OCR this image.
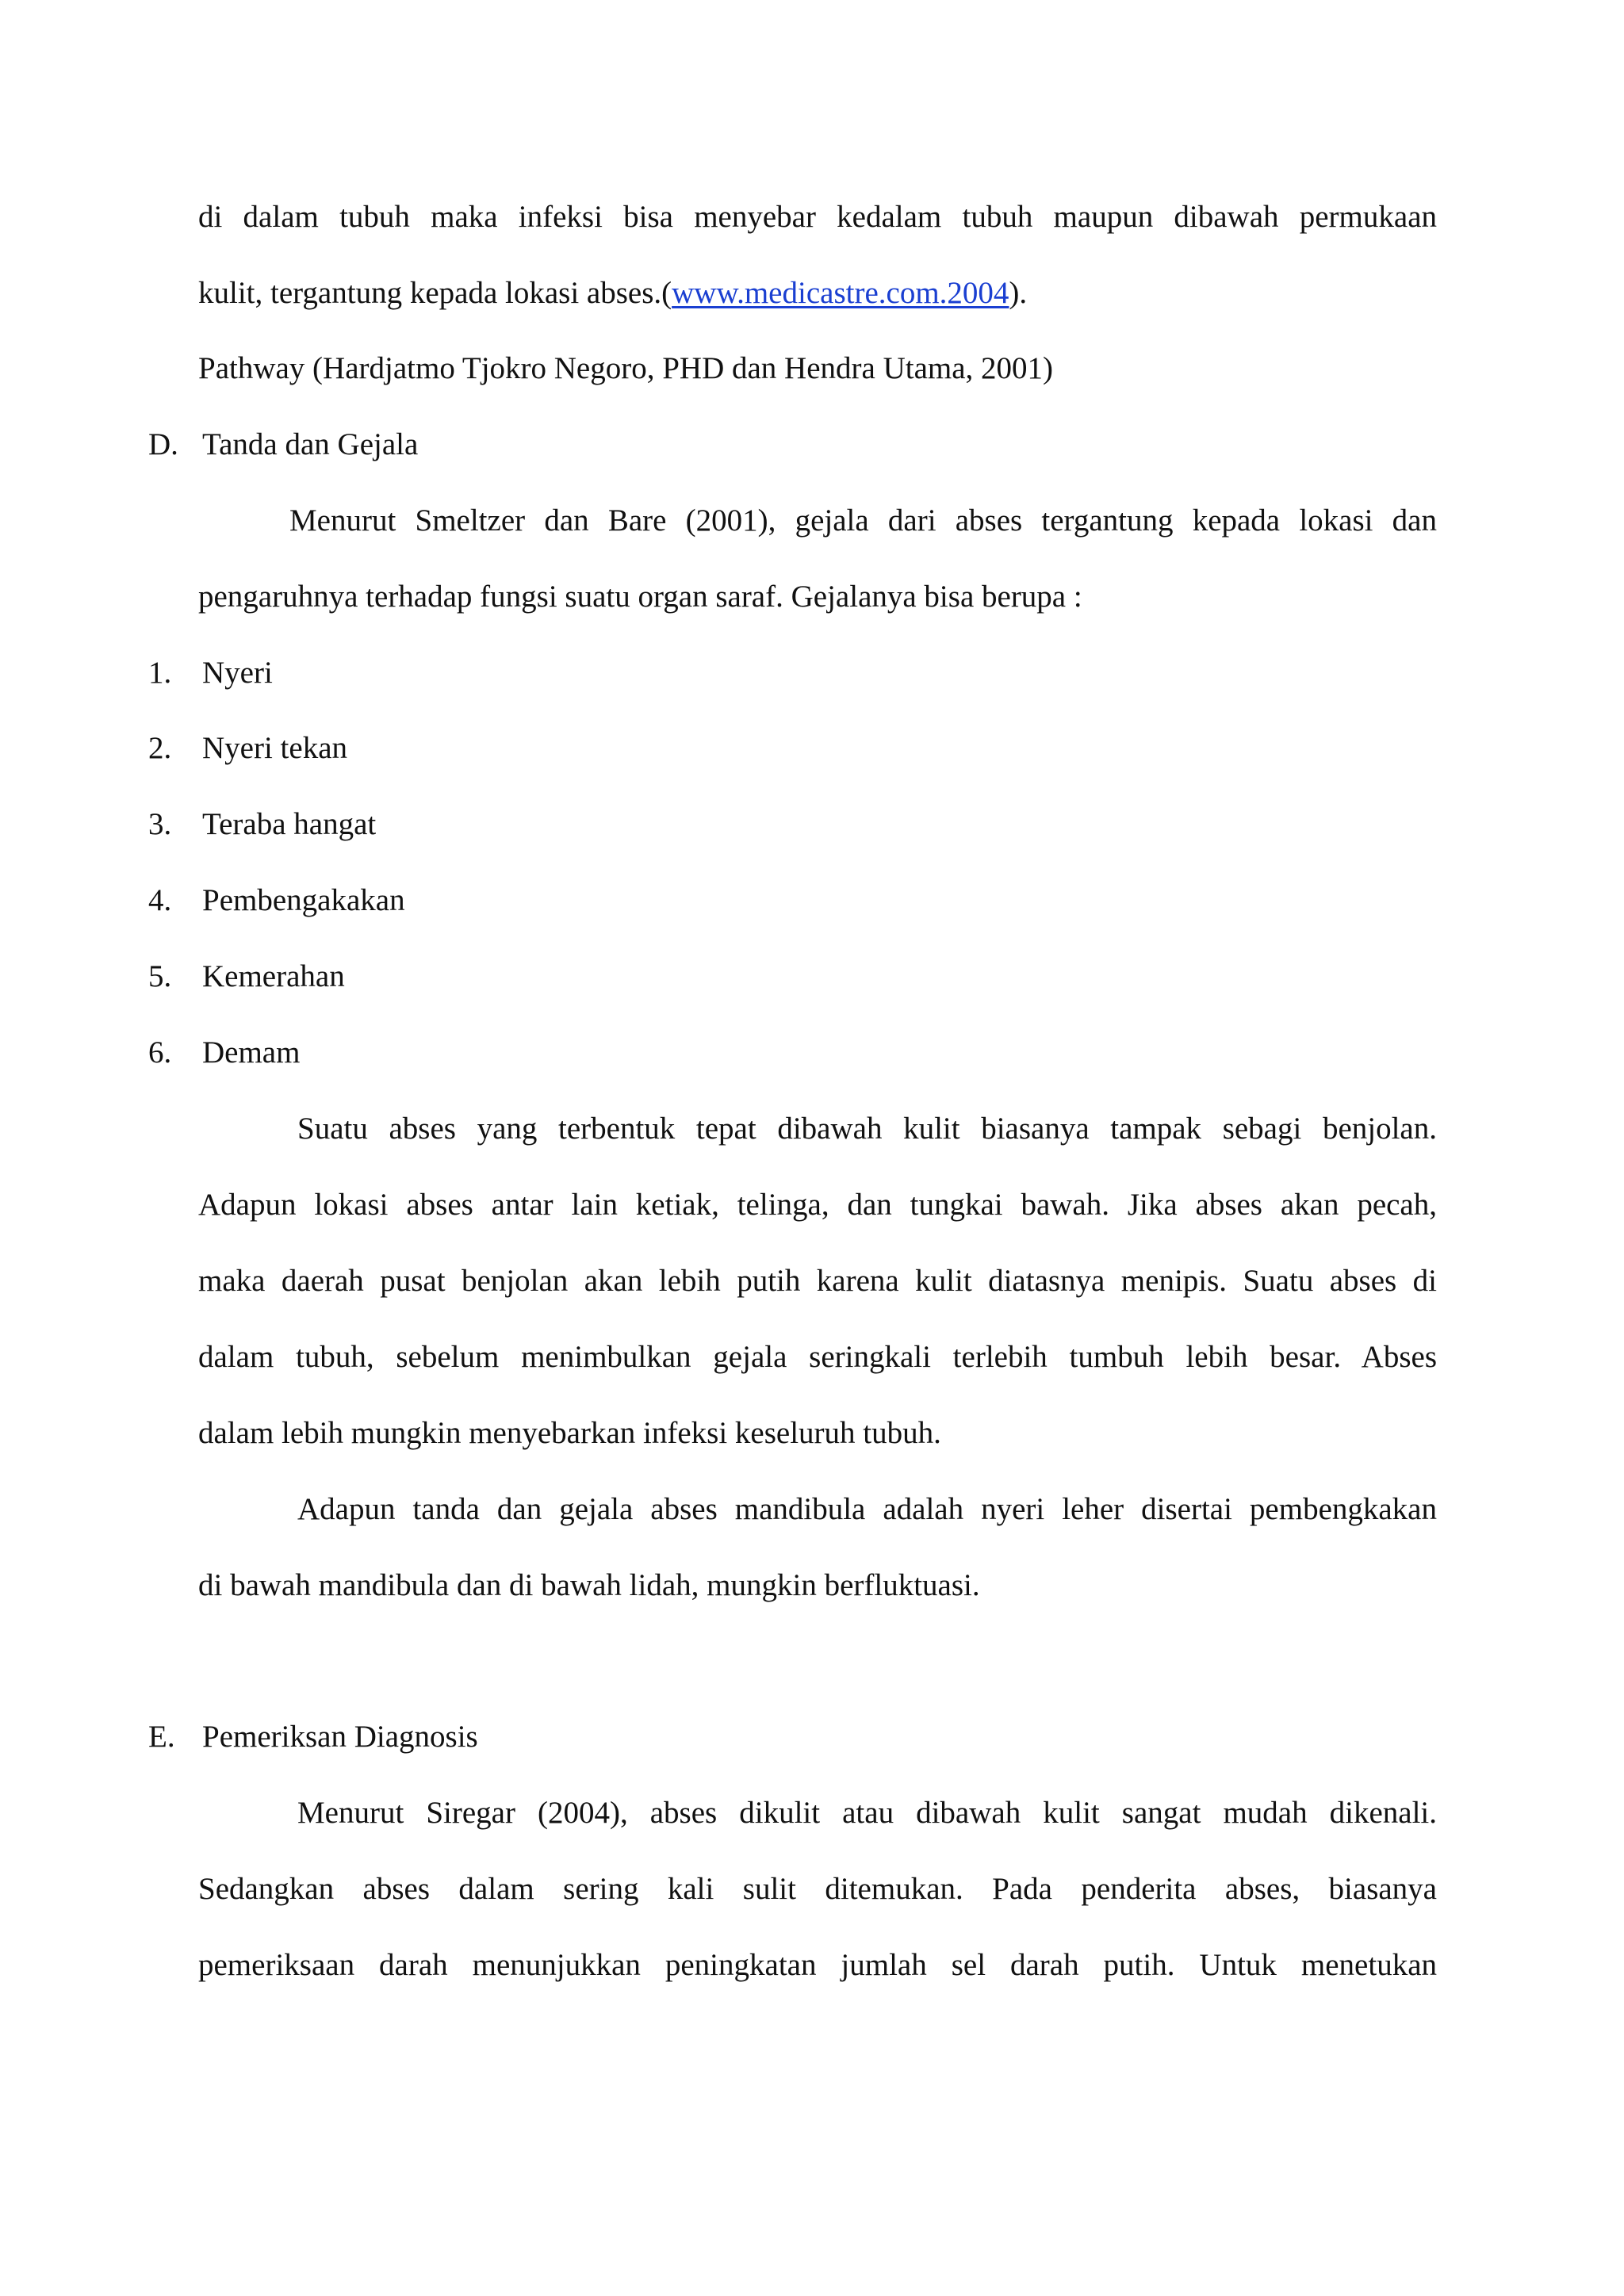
di dalam tubuh maka infeksi bisa menyebar kedalam tubuh maupun dibawah permukaan
kulit, tergantung kepada lokasi abses.(www.medicastre.com.2004).
Pathway (Hardjatmo Tjokro Negoro, PHD dan Hendra Utama, 2001)
D. Tanda dan Gejala
Menurut Smeltzer dan Bare (2001), gejala dari abses tergantung kepada lokasi dan
pengaruhnya terhadap fungsi suatu organ saraf. Gejalanya bisa berupa :
1. Nyeri
2. Nyeri tekan
3. Teraba hangat
4. Pembengakakan
5. Kemerahan
6. Demam
Suatu abses yang terbentuk tepat dibawah kulit biasanya tampak sebagi benjolan.
Adapun lokasi abses antar lain ketiak, telinga, dan tungkai bawah. Jika abses akan pecah,
maka daerah pusat benjolan akan lebih putih karena kulit diatasnya menipis. Suatu abses di
dalam tubuh, sebelum menimbulkan gejala seringkali terlebih tumbuh lebih besar. Abses
dalam lebih mungkin menyebarkan infeksi keseluruh tubuh.
Adapun tanda dan gejala abses mandibula adalah nyeri leher disertai pembengkakan
di bawah mandibula dan di bawah lidah, mungkin berfluktuasi.
E. Pemeriksan Diagnosis
Menurut Siregar (2004), abses dikulit atau dibawah kulit sangat mudah dikenali.
Sedangkan abses dalam sering kali sulit ditemukan. Pada penderita abses, biasanya
pemeriksaan darah menunjukkan peningkatan jumlah sel darah putih. Untuk menetukan
